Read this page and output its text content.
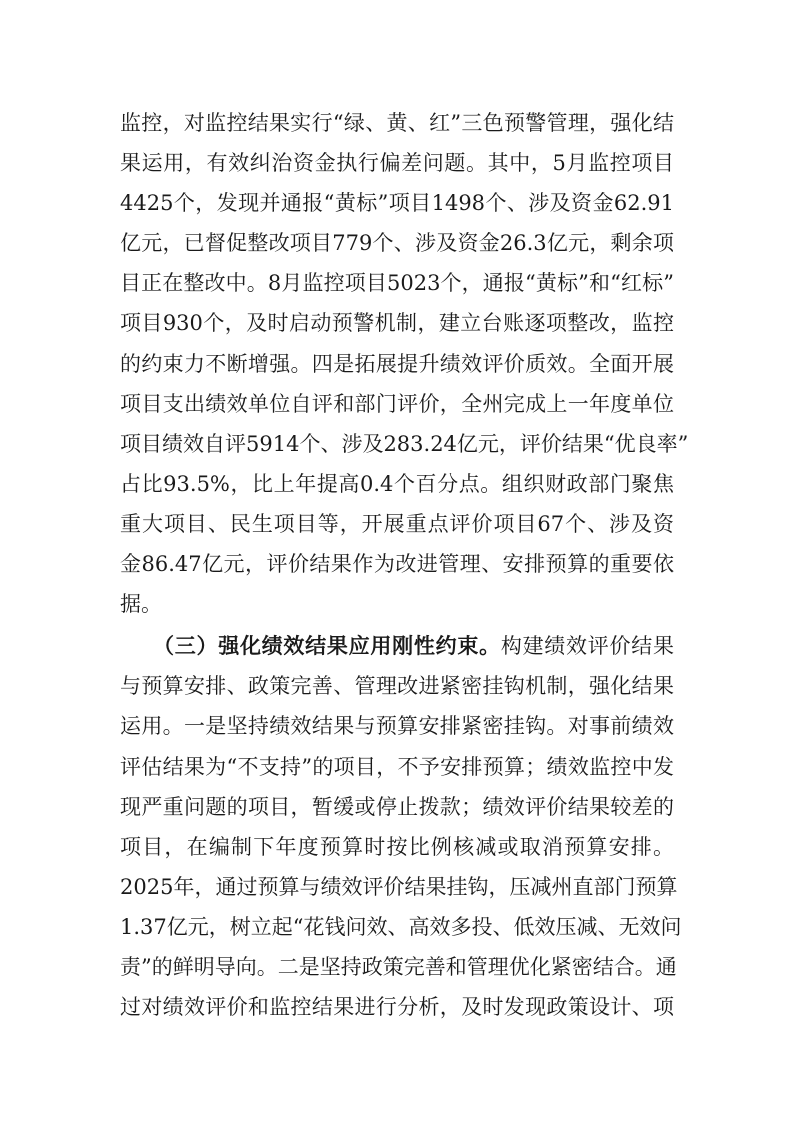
监控，对监控结果实行“绿、黄、红”三色预警管理，强化结
果运用，有效纠治资金执行偏差问题。其中，5月监控项目
4425个，发现并通报“黄标”项目1498个、涉及资金62.91
亿元，已督促整改项目779个、涉及资金26.3亿元，剩余项
目正在整改中。8月监控项目5023个，通报“黄标”和“红标”
项目930个，及时启动预警机制，建立台账逐项整改，监控
的约束力不断增强。四是拓展提升绩效评价质效。全面开展
项目支出绩效单位自评和部门评价，全州完成上一年度单位
项目绩效自评5914个、涉及283.24亿元，评价结果“优良率”
占比93.5%，比上年提高0.4个百分点。组织财政部门聚焦
重大项目、民生项目等，开展重点评价项目67个、涉及资
金86.47亿元，评价结果作为改进管理、安排预算的重要依
据。
　　（三）强化绩效结果应用刚性约束。构建绩效评价结果
与预算安排、政策完善、管理改进紧密挂钩机制，强化结果
运用。一是坚持绩效结果与预算安排紧密挂钩。对事前绩效
评估结果为“不支持”的项目，不予安排预算；绩效监控中发
现严重问题的项目，暂缓或停止拨款；绩效评价结果较差的
项目，在编制下年度预算时按比例核减或取消预算安排。
2025年，通过预算与绩效评价结果挂钩，压减州直部门预算
1.37亿元，树立起“花钱问效、高效多投、低效压减、无效问
责”的鲜明导向。二是坚持政策完善和管理优化紧密结合。通
过对绩效评价和监控结果进行分析，及时发现政策设计、项
